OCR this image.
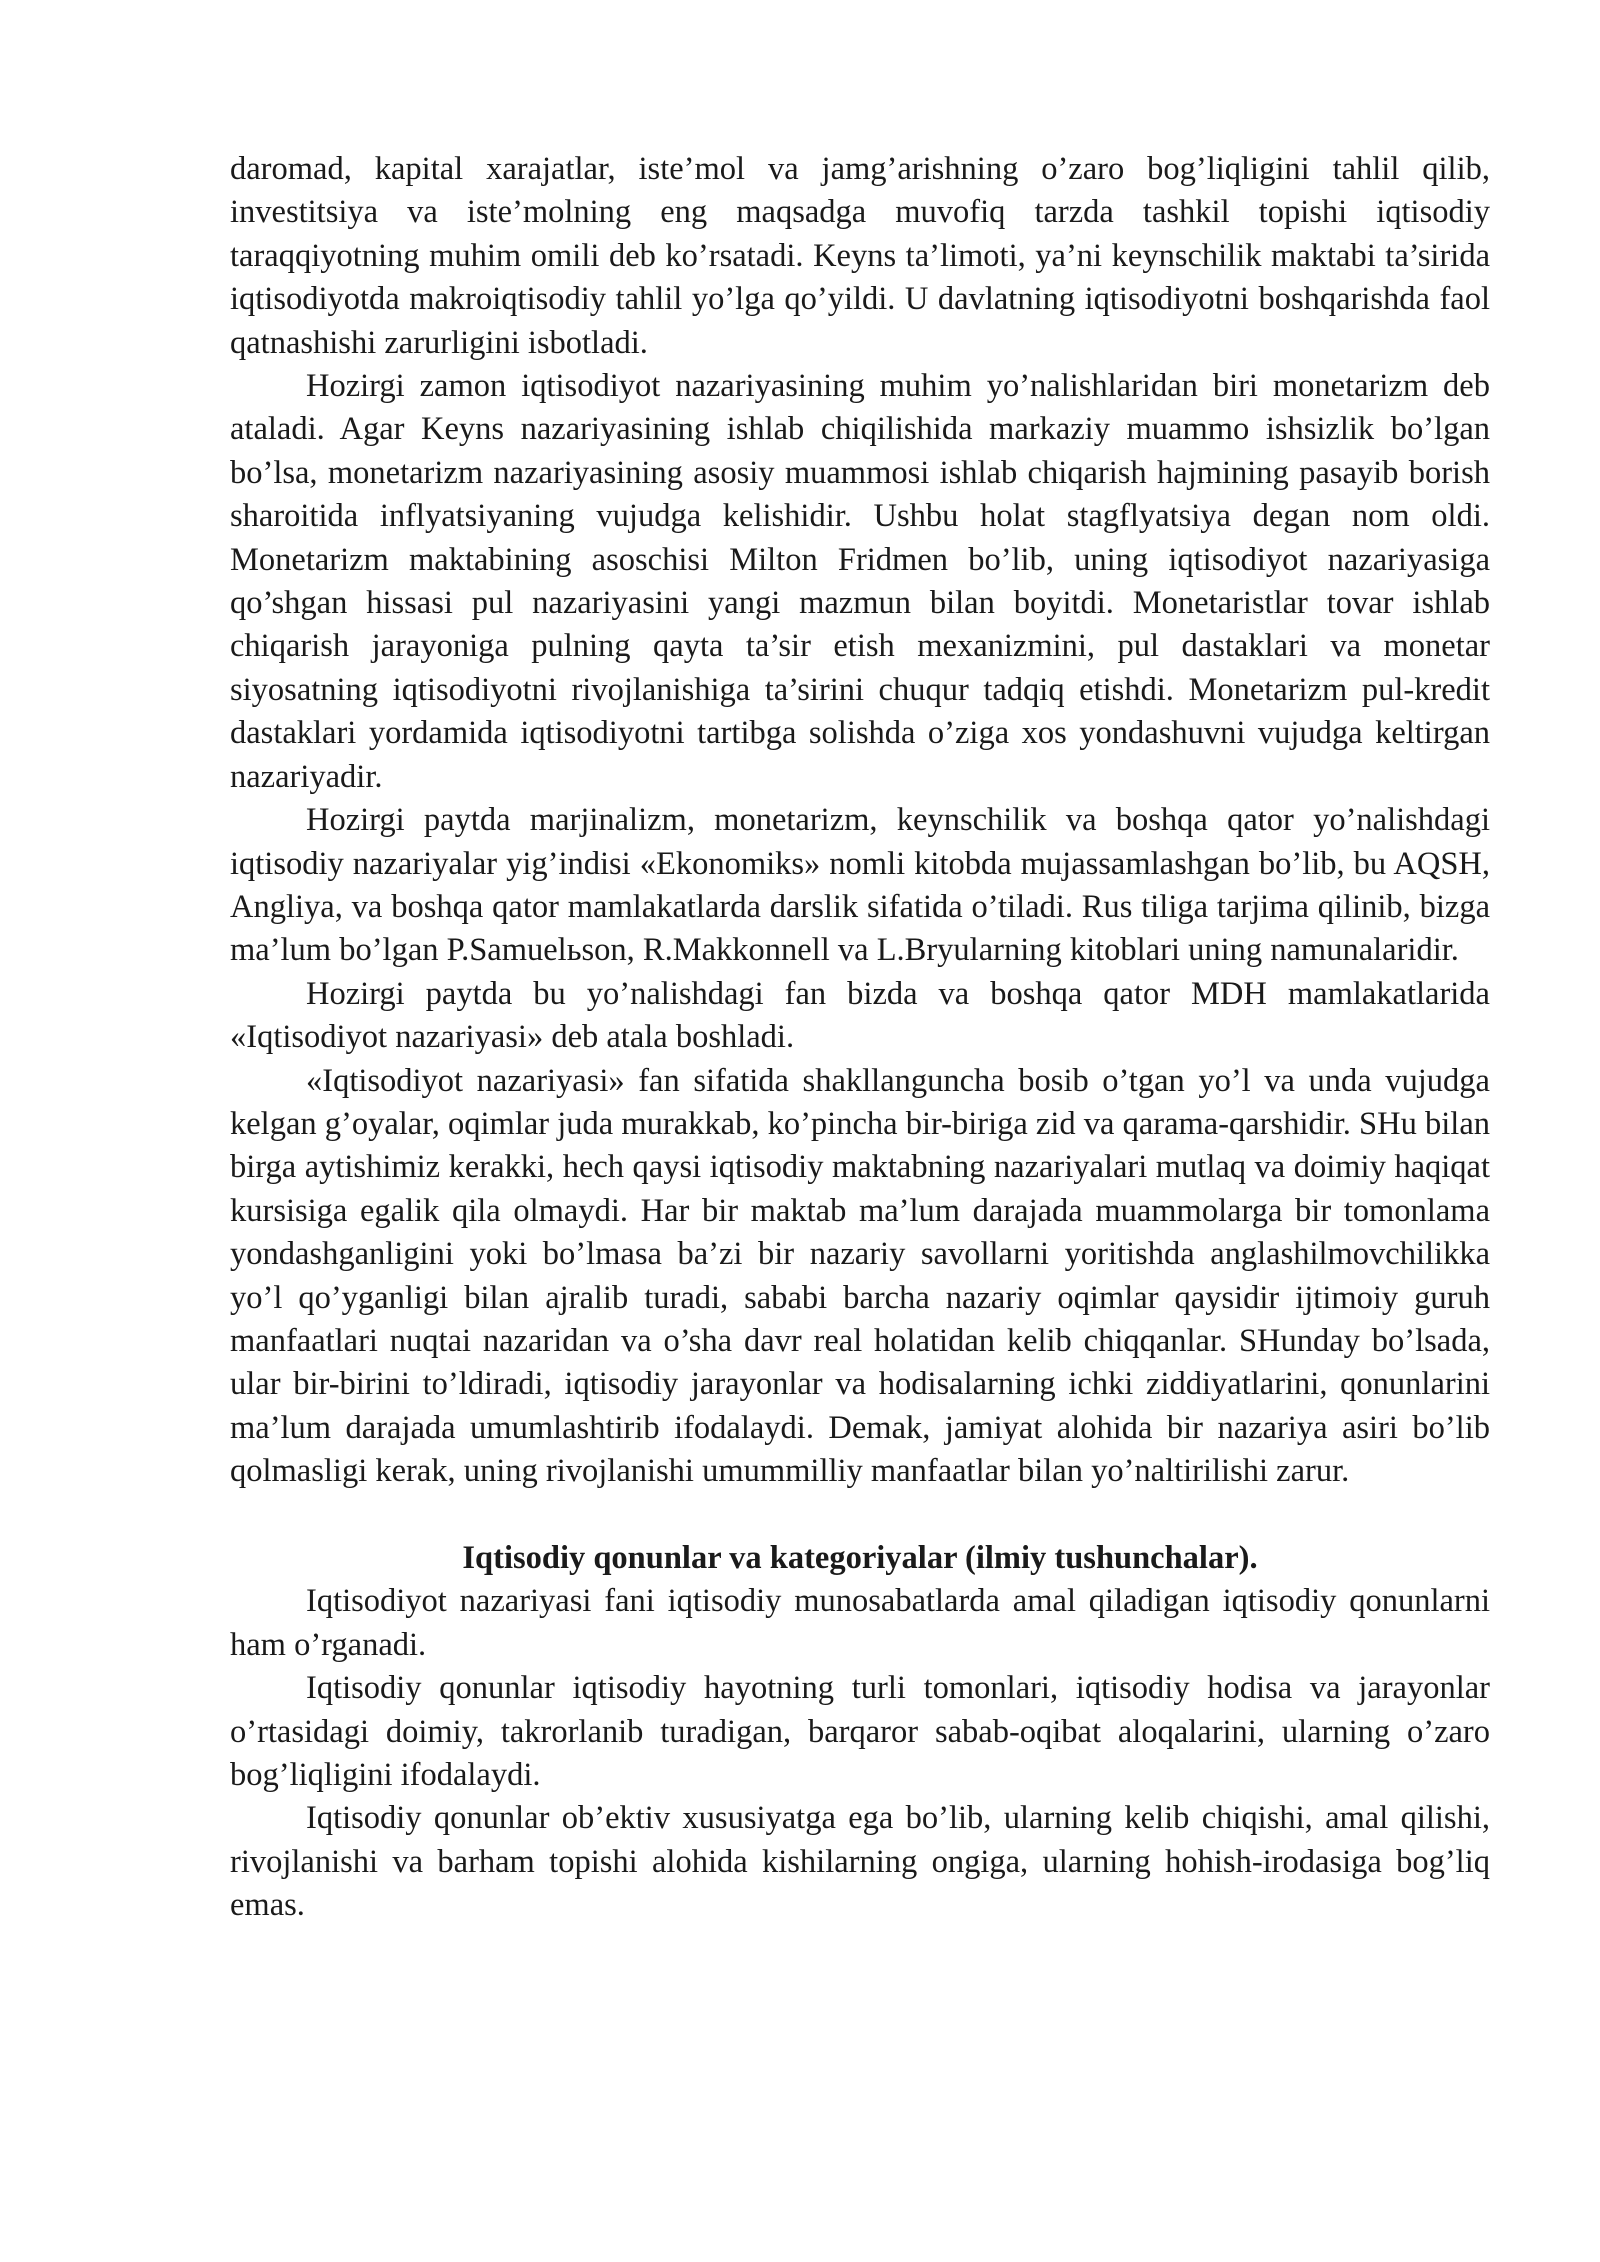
daromad, kapital xarajatlar, iste’mol va jamg’arishning o’zaro bog’liqligini tahlil qilib, investitsiya va iste’molning eng maqsadga muvofiq tarzda tashkil topishi iqtisodiy taraqqiyotning muhim omili deb ko’rsatadi. Keyns ta’limoti, ya’ni keynschilik maktabi ta’sirida iqtisodiyotda makroiqtisodiy tahlil yo’lga qo’yildi. U davlatning iqtisodiyotni boshqarishda faol qatnashishi zarurligini isbotladi.

Hozirgi zamon iqtisodiyot nazariyasining muhim yo’nalishlaridan biri monetarizm deb ataladi. Agar Keyns nazariyasining ishlab chiqilishida markaziy muammo ishsizlik bo’lgan bo’lsa, monetarizm nazariyasining asosiy muammosi ishlab chiqarish hajmining pasayib borish sharoitida inflyatsiyaning vujudga kelishidir. Ushbu holat stagflyatsiya degan nom oldi. Monetarizm maktabining asoschisi Milton Fridmen bo’lib, uning iqtisodiyot nazariyasiga qo’shgan hissasi pul nazariyasini yangi mazmun bilan boyitdi. Monetaristlar tovar ishlab chiqarish jarayoniga pulning qayta ta’sir etish mexanizmini, pul dastaklari va monetar siyosatning iqtisodiyotni rivojlanishiga ta’sirini chuqur tadqiq etishdi. Monetarizm pul-kredit dastaklari yordamida iqtisodiyotni tartibga solishda o’ziga xos yondashuvni vujudga keltirgan nazariyadir.

Hozirgi paytda marjinalizm, monetarizm, keynschilik va boshqa qator yo’nalishdagi iqtisodiy nazariyalar yig’indisi «Ekonomiks» nomli kitobda mujassamlashgan bo’lib, bu AQSH, Angliya, va boshqa qator mamlakatlarda darslik sifatida o’tiladi. Rus tiliga tarjima qilinib, bizga ma’lum bo’lgan P.Samuelьson, R.Makkonnell va L.Bryularning kitoblari uning namunalaridir.

Hozirgi paytda bu yo’nalishdagi fan bizda va boshqa qator MDH mamlakatlarida «Iqtisodiyot nazariyasi» deb atala boshladi.

«Iqtisodiyot nazariyasi» fan sifatida shakllanguncha bosib o’tgan yo’l va unda vujudga kelgan g’oyalar, oqimlar juda murakkab, ko’pincha bir-biriga zid va qarama-qarshidir. SHu bilan birga aytishimiz kerakki, hech qaysi iqtisodiy maktabning nazariyalari mutlaq va doimiy haqiqat kursisiga egalik qila olmaydi. Har bir maktab ma’lum darajada muammolarga bir tomonlama yondashganligini yoki bo’lmasa ba’zi bir nazariy savollarni yoritishda anglashilmovchilikka yo’l qo’yganligi bilan ajralib turadi, sababi barcha nazariy oqimlar qaysidir ijtimoiy guruh manfaatlari nuqtai nazaridan va o’sha davr real holatidan kelib chiqqanlar. SHunday bo’lsada, ular bir-birini to’ldiradi, iqtisodiy jarayonlar va hodisalarning ichki ziddiyatlarini, qonunlarini ma’lum darajada umumlashtirib ifodalaydi. Demak, jamiyat alohida bir nazariya asiri bo’lib qolmasligi kerak, uning rivojlanishi umummilliy manfaatlar bilan yo’naltirilishi zarur.

Iqtisodiy qonunlar va kategoriyalar (ilmiy tushunchalar).

Iqtisodiyot nazariyasi fani iqtisodiy munosabatlarda amal qiladigan iqtisodiy qonunlarni ham o’rganadi.

Iqtisodiy qonunlar iqtisodiy hayotning turli tomonlari, iqtisodiy hodisa va jarayonlar o’rtasidagi doimiy, takrorlanib turadigan, barqaror sabab-oqibat aloqalarini, ularning o’zaro bog’liqligini ifodalaydi.

Iqtisodiy qonunlar ob’ektiv xususiyatga ega bo’lib, ularning kelib chiqishi, amal qilishi, rivojlanishi va barham topishi alohida kishilarning ongiga, ularning hohish-irodasiga bog’liq emas.
